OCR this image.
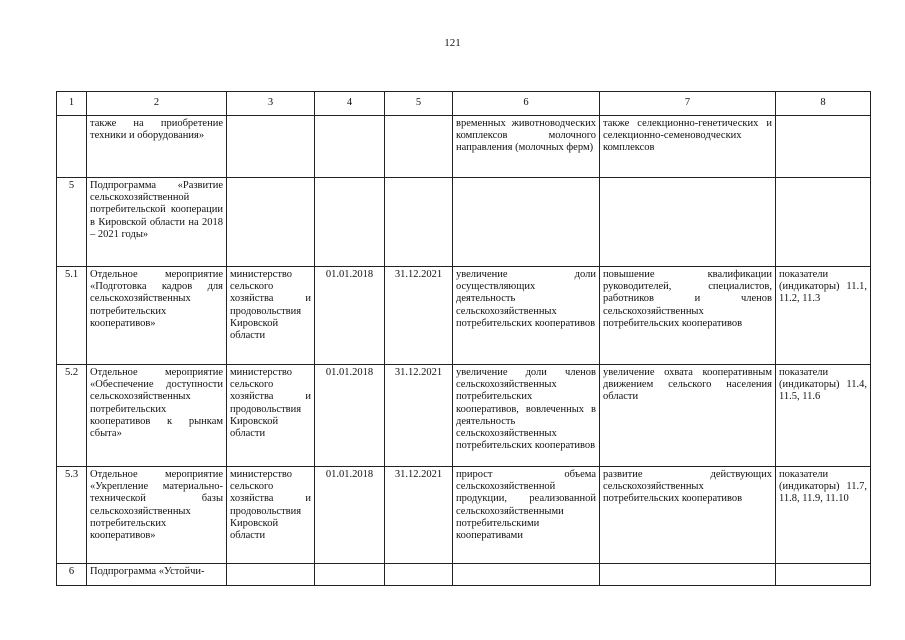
121
1	2	3	4	5	6	7	8
	также на приобретение техники и оборудования»				временных животноводческих комплексов молочного направления (молочных ферм)	также селекционно-генетических и селекционно-семеноводческих комплексов	
5	Подпрограмма «Развитие сельскохозяйственной потребительской кооперации в Кировской области на 2018 – 2021 годы»						
5.1	Отдельное мероприятие «Подготовка кадров для сельскохозяйственных потребительских кооперативов»	министерство сельского хозяйства и продовольствия Кировской области	01.01.2018	31.12.2021	увеличение доли осуществляющих деятельность сельскохозяйственных потребительских кооперативов	повышение квалификации руководителей, специалистов, работников и членов сельскохозяйственных потребительских кооперативов	показатели (индикаторы) 11.1, 11.2, 11.3
5.2	Отдельное мероприятие «Обеспечение доступности сельскохозяйственных потребительских кооперативов к рынкам сбыта»	министерство сельского хозяйства и продовольствия Кировской области	01.01.2018	31.12.2021	увеличение доли членов сельскохозяйственных потребительских кооперативов, вовлеченных в деятельность сельскохозяйственных потребительских кооперативов	увеличение охвата кооперативным движением сельского населения области	показатели (индикаторы) 11.4, 11.5, 11.6
5.3	Отдельное мероприятие «Укрепление материально-технической базы сельскохозяйственных потребительских кооперативов»	министерство сельского хозяйства и продовольствия Кировской области	01.01.2018	31.12.2021	прирост объема сельскохозяйственной продукции, реализованной сельскохозяйственными потребительскими кооперативами	развитие действующих сельскохозяйственных потребительских кооперативов	показатели (индикаторы) 11.7, 11.8, 11.9, 11.10
6	Подпрограмма «Устойчи-						
